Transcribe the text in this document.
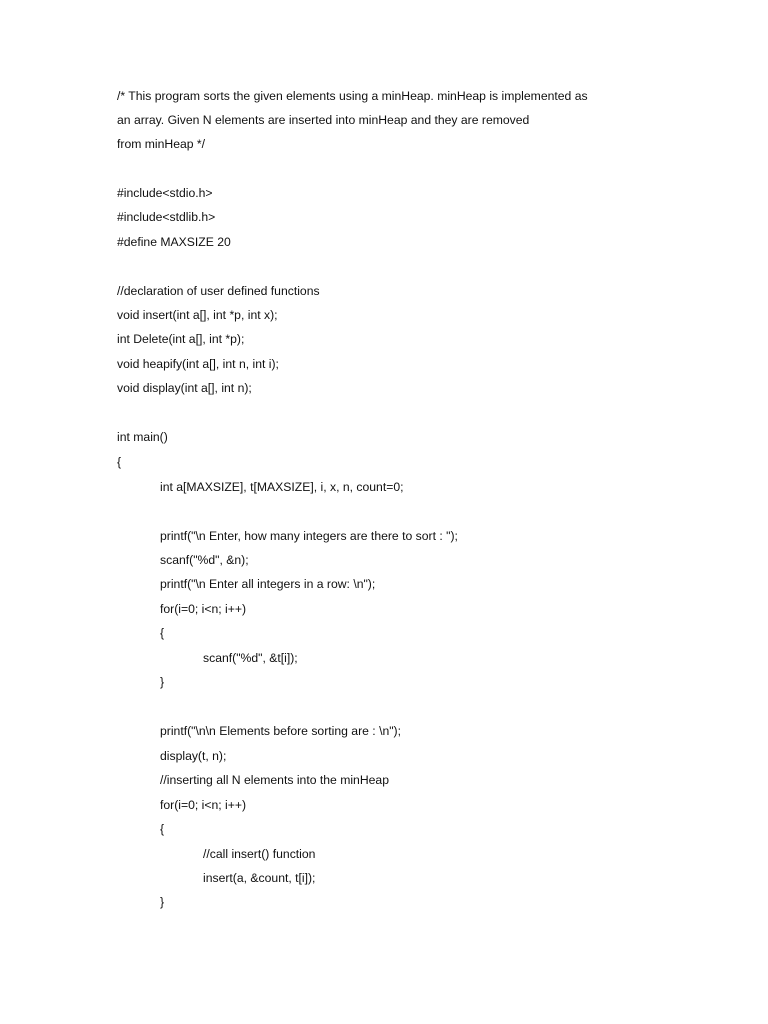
/* This program sorts the given elements using a minHeap. minHeap is implemented as
an array. Given N elements are inserted into minHeap and they are removed
from minHeap */
#include<stdio.h>
#include<stdlib.h>
#define MAXSIZE 20
//declaration of user defined functions
void insert(int a[], int *p, int x);
int Delete(int a[], int *p);
void heapify(int a[], int n, int i);
void display(int a[], int n);
int main()
{
int a[MAXSIZE], t[MAXSIZE], i, x, n, count=0;
printf("\n Enter, how many integers are there to sort : ");
scanf("%d", &n);
printf("\n Enter all integers in a row: \n");
for(i=0; i<n; i++)
{
scanf("%d", &t[i]);
}
printf("\n\n Elements before sorting are : \n");
display(t, n);
//inserting all N elements into the minHeap
for(i=0; i<n; i++)
{
//call insert() function
insert(a, &count, t[i]);
}
